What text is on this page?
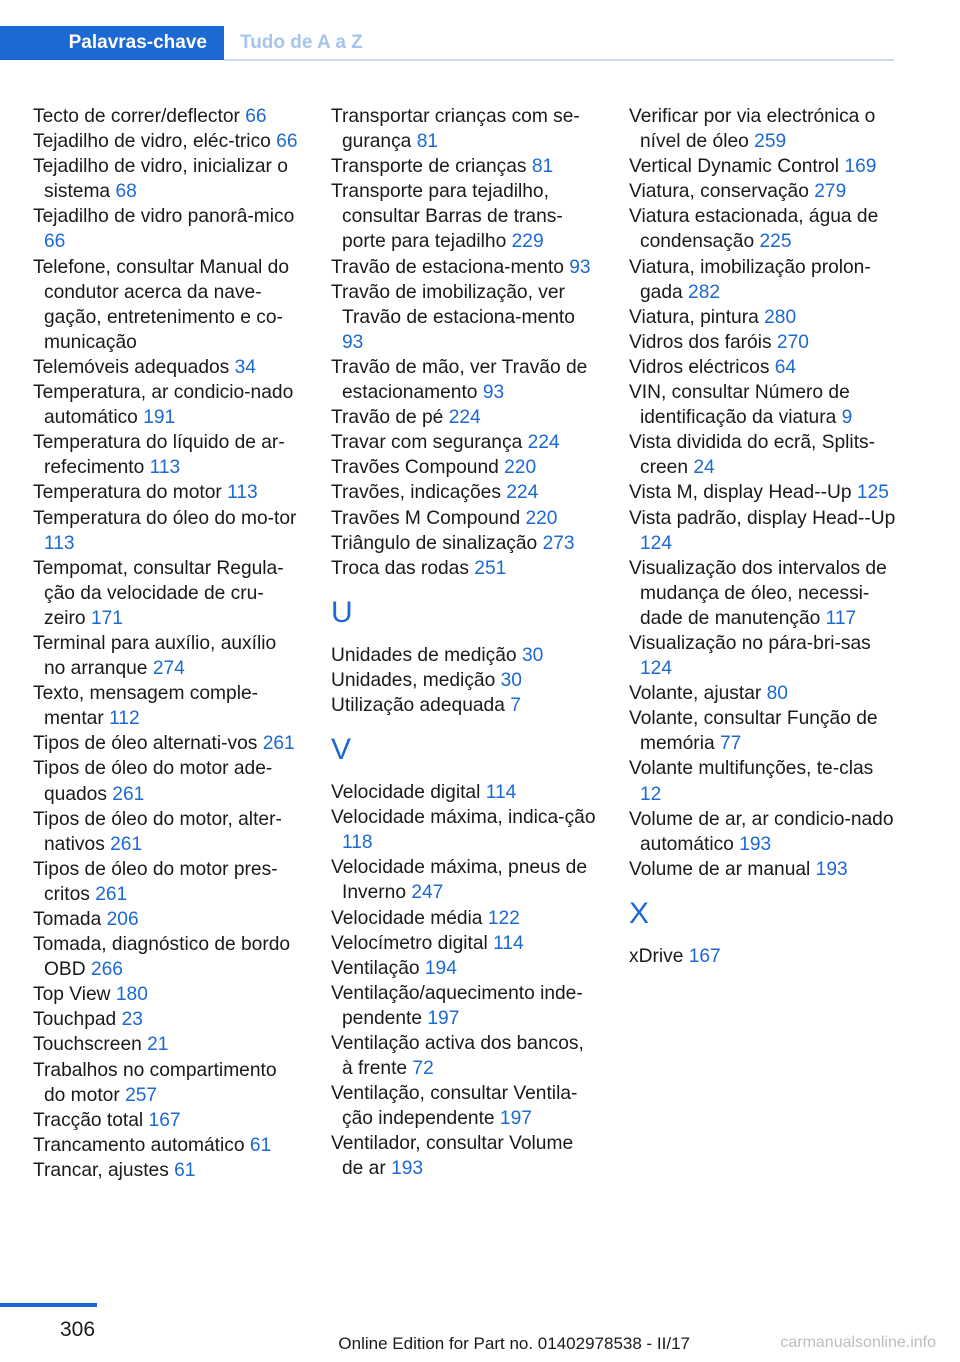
Palavras-chave	Tudo de A a Z

Tecto de correr/deflector 66

Tejadilho de vidro, eléc-trico 66

Tejadilho de vidro, inicializar o sistema 68

Tejadilho de vidro panorâ-mico 66

Telefone, consultar Manual do condutor acerca da nave-gação, entretenimento e co-municação

Telemóveis adequados 34

Temperatura, ar condicio-nado automático 191

Temperatura do líquido de ar-refecimento 113

Temperatura do motor 113

Temperatura do óleo do mo-tor 113

Tempomat, consultar Regula-ção da velocidade de cru-zeiro 171

Terminal para auxílio, auxílio no arranque 274

Texto, mensagem comple-mentar 112

Tipos de óleo alternati-vos 261

Tipos de óleo do motor ade-quados 261

Tipos de óleo do motor, alter-nativos 261

Tipos de óleo do motor pres-critos 261

Tomada 206

Tomada, diagnóstico de bordo OBD 266

Top View 180

Touchpad 23

Touchscreen 21

Trabalhos no compartimento do motor 257

Tracção total 167

Trancamento automático 61

Trancar, ajustes 61

Transportar crianças com se-gurança 81

Transporte de crianças 81

Transporte para tejadilho, consultar Barras de trans-porte para tejadilho 229

Travão de estaciona-mento 93

Travão de imobilização, ver Travão de estaciona-mento 93

Travão de mão, ver Travão de estacionamento 93

Travão de pé 224

Travar com segurança 224

Travões Compound 220

Travões, indicações 224

Travões M Compound 220

Triângulo de sinalização 273

Troca das rodas 251

U

Unidades de medição 30

Unidades, medição 30

Utilização adequada 7

V

Velocidade digital 114

Velocidade máxima, indica-ção 118

Velocidade máxima, pneus de Inverno 247

Velocidade média 122

Velocímetro digital 114

Ventilação 194

Ventilação/aquecimento inde-pendente 197

Ventilação activa dos bancos, à frente 72

Ventilação, consultar Ventila-ção independente 197

Ventilador, consultar Volume de ar 193

Verificar por via electrónica o nível de óleo 259

Vertical Dynamic Control 169

Viatura, conservação 279

Viatura estacionada, água de condensação 225

Viatura, imobilização prolon-gada 282

Viatura, pintura 280

Vidros dos faróis 270

Vidros eléctricos 64

VIN, consultar Número de identificação da viatura 9

Vista dividida do ecrã, Splits-creen 24

Vista M, display Head--Up 125

Vista padrão, display Head--Up 124

Visualização dos intervalos de mudança de óleo, necessi-dade de manutenção 117

Visualização no pára-bri-sas 124

Volante, ajustar 80

Volante, consultar Função de memória 77

Volante multifunções, te-clas 12

Volume de ar, ar condicio-nado automático 193

Volume de ar manual 193

X

xDrive 167

306
Online Edition for Part no. 01402978538 - II/17	carmanualsonline.info
